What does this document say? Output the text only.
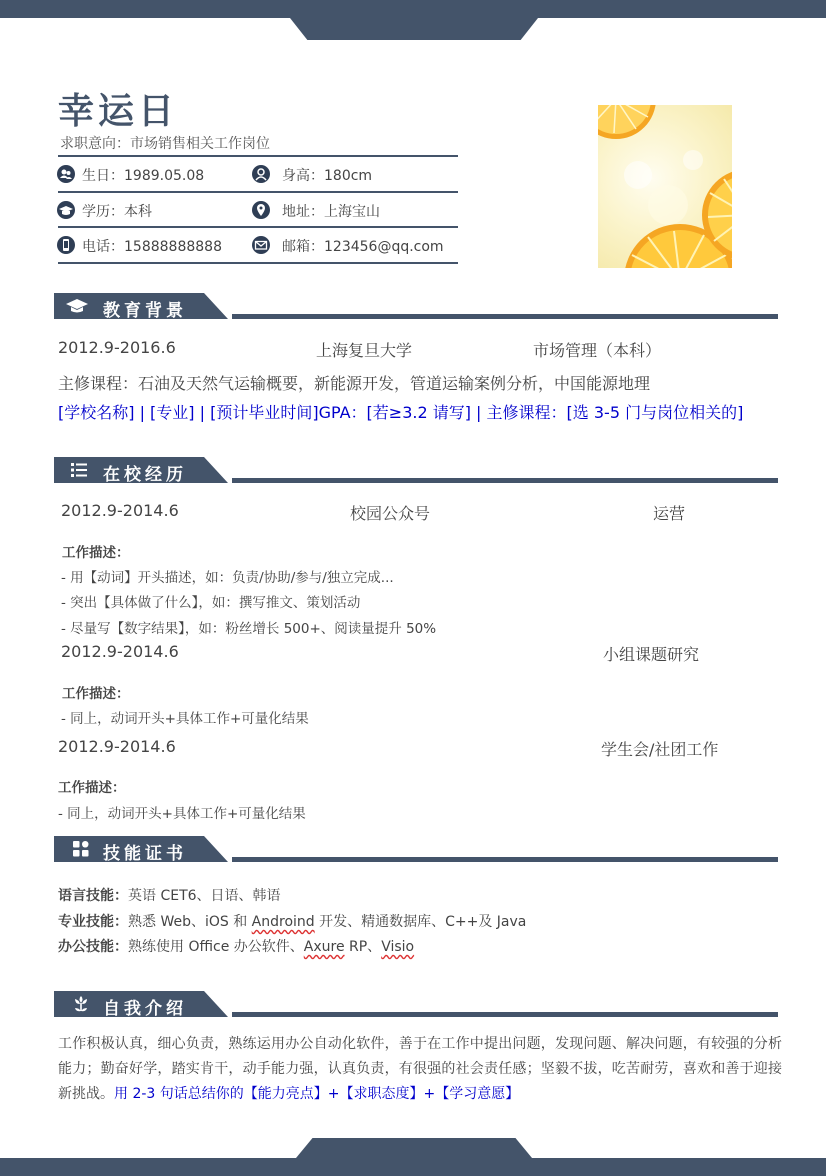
幸运日
求职意向：市场销售相关工作岗位
生日：1989.05.08	身高：180cm
学历：本科	地址：上海宝山
电话：15888888888	邮箱：123456@qq.com
教育背景
2012.9-2016.6	上海复旦大学	市场管理（本科）
主修课程：石油及天然气运输概要，新能源开发，管道运输案例分析，中国能源地理
[学校名称] | [专业] | [预计毕业时间]GPA：[若≥3.2 请写] | 主修课程：[选 3-5 门与岗位相关的]
在校经历
2012.9-2014.6	校园公众号	运营
工作描述：
- 用【动词】开头描述，如：负责/协助/参与/独立完成...
- 突出【具体做了什么】，如：撰写推文、策划活动
- 尽量写【数字结果】，如：粉丝增长 500+、阅读量提升 50%
2012.9-2014.6	小组课题研究
工作描述：
- 同上，动词开头+具体工作+可量化结果
2012.9-2014.6	学生会/社团工作
工作描述：
- 同上，动词开头+具体工作+可量化结果
技能证书
语言技能：英语 CET6、日语、韩语
专业技能：熟悉 Web、iOS 和 Androind 开发、精通数据库、C++及 Java
办公技能：熟练使用 Office 办公软件、Axure RP、Visio
自我介绍
工作积极认真，细心负责，熟练运用办公自动化软件，善于在工作中提出问题，发现问题、解决问题，有较强的分析能力；勤奋好学，踏实肯干，动手能力强，认真负责，有很强的社会责任感；坚毅不拔，吃苦耐劳，喜欢和善于迎接新挑战。用 2-3 句话总结你的【能力亮点】+【求职态度】+【学习意愿】
